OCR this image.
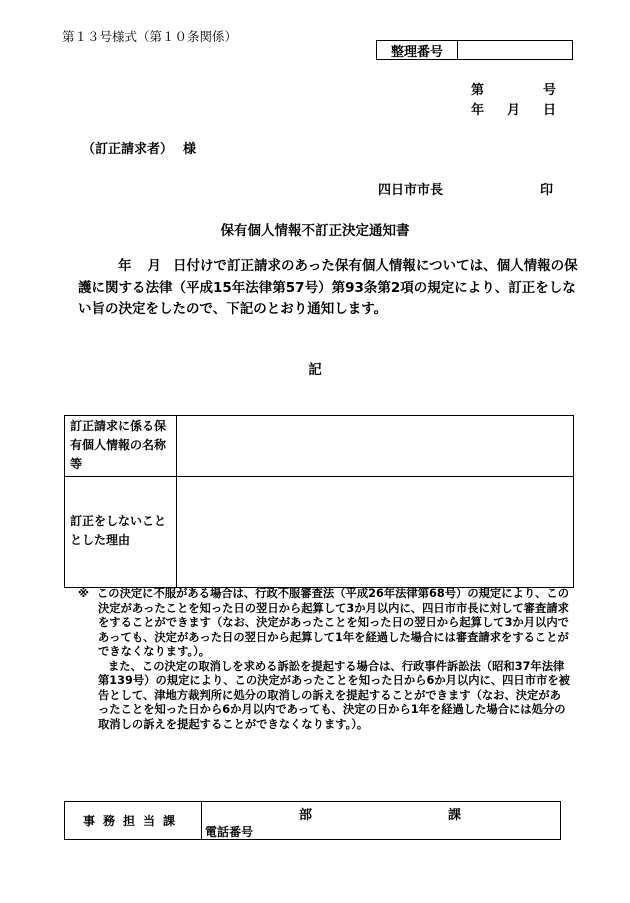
第１３号様式（第１０条関係）
整理番号
第	号
年 月 日
（訂正請求者） 様
四日市市長	印
保有個人情報不訂正決定通知書
年 月 日付けで訂正請求のあった保有個人情報については、個人情報の保護に関する法律（平成15年法律第57号）第93条第2項の規定により、訂正をしない旨の決定をしたので、下記のとおり通知します。
記
訂正請求に係る保有個人情報の名称等
訂正をしないこととした理由

※ この決定に不服がある場合は、行政不服審査法（平成26年法律第68号）の規定により、この決定があったことを知った日の翌日から起算して3か月以内に、四日市市長に対して審査請求をすることができます（なお、決定があったことを知った日の翌日から起算して3か月以内であっても、決定があった日の翌日から起算して1年を経過した場合には審査請求をすることができなくなります。）。

また、この決定の取消しを求める訴訟を提起する場合は、行政事件訴訟法（昭和37年法律第139号）の規定により、この決定があったことを知った日から6か月以内に、四日市市を被告として、津地方裁判所に処分の取消しの訴えを提起することができます（なお、決定があったことを知った日から6か月以内であっても、決定の日から1年を経過した場合には処分の取消しの訴えを提起することができなくなります。）。

事務担当課	部	課
電話番号
